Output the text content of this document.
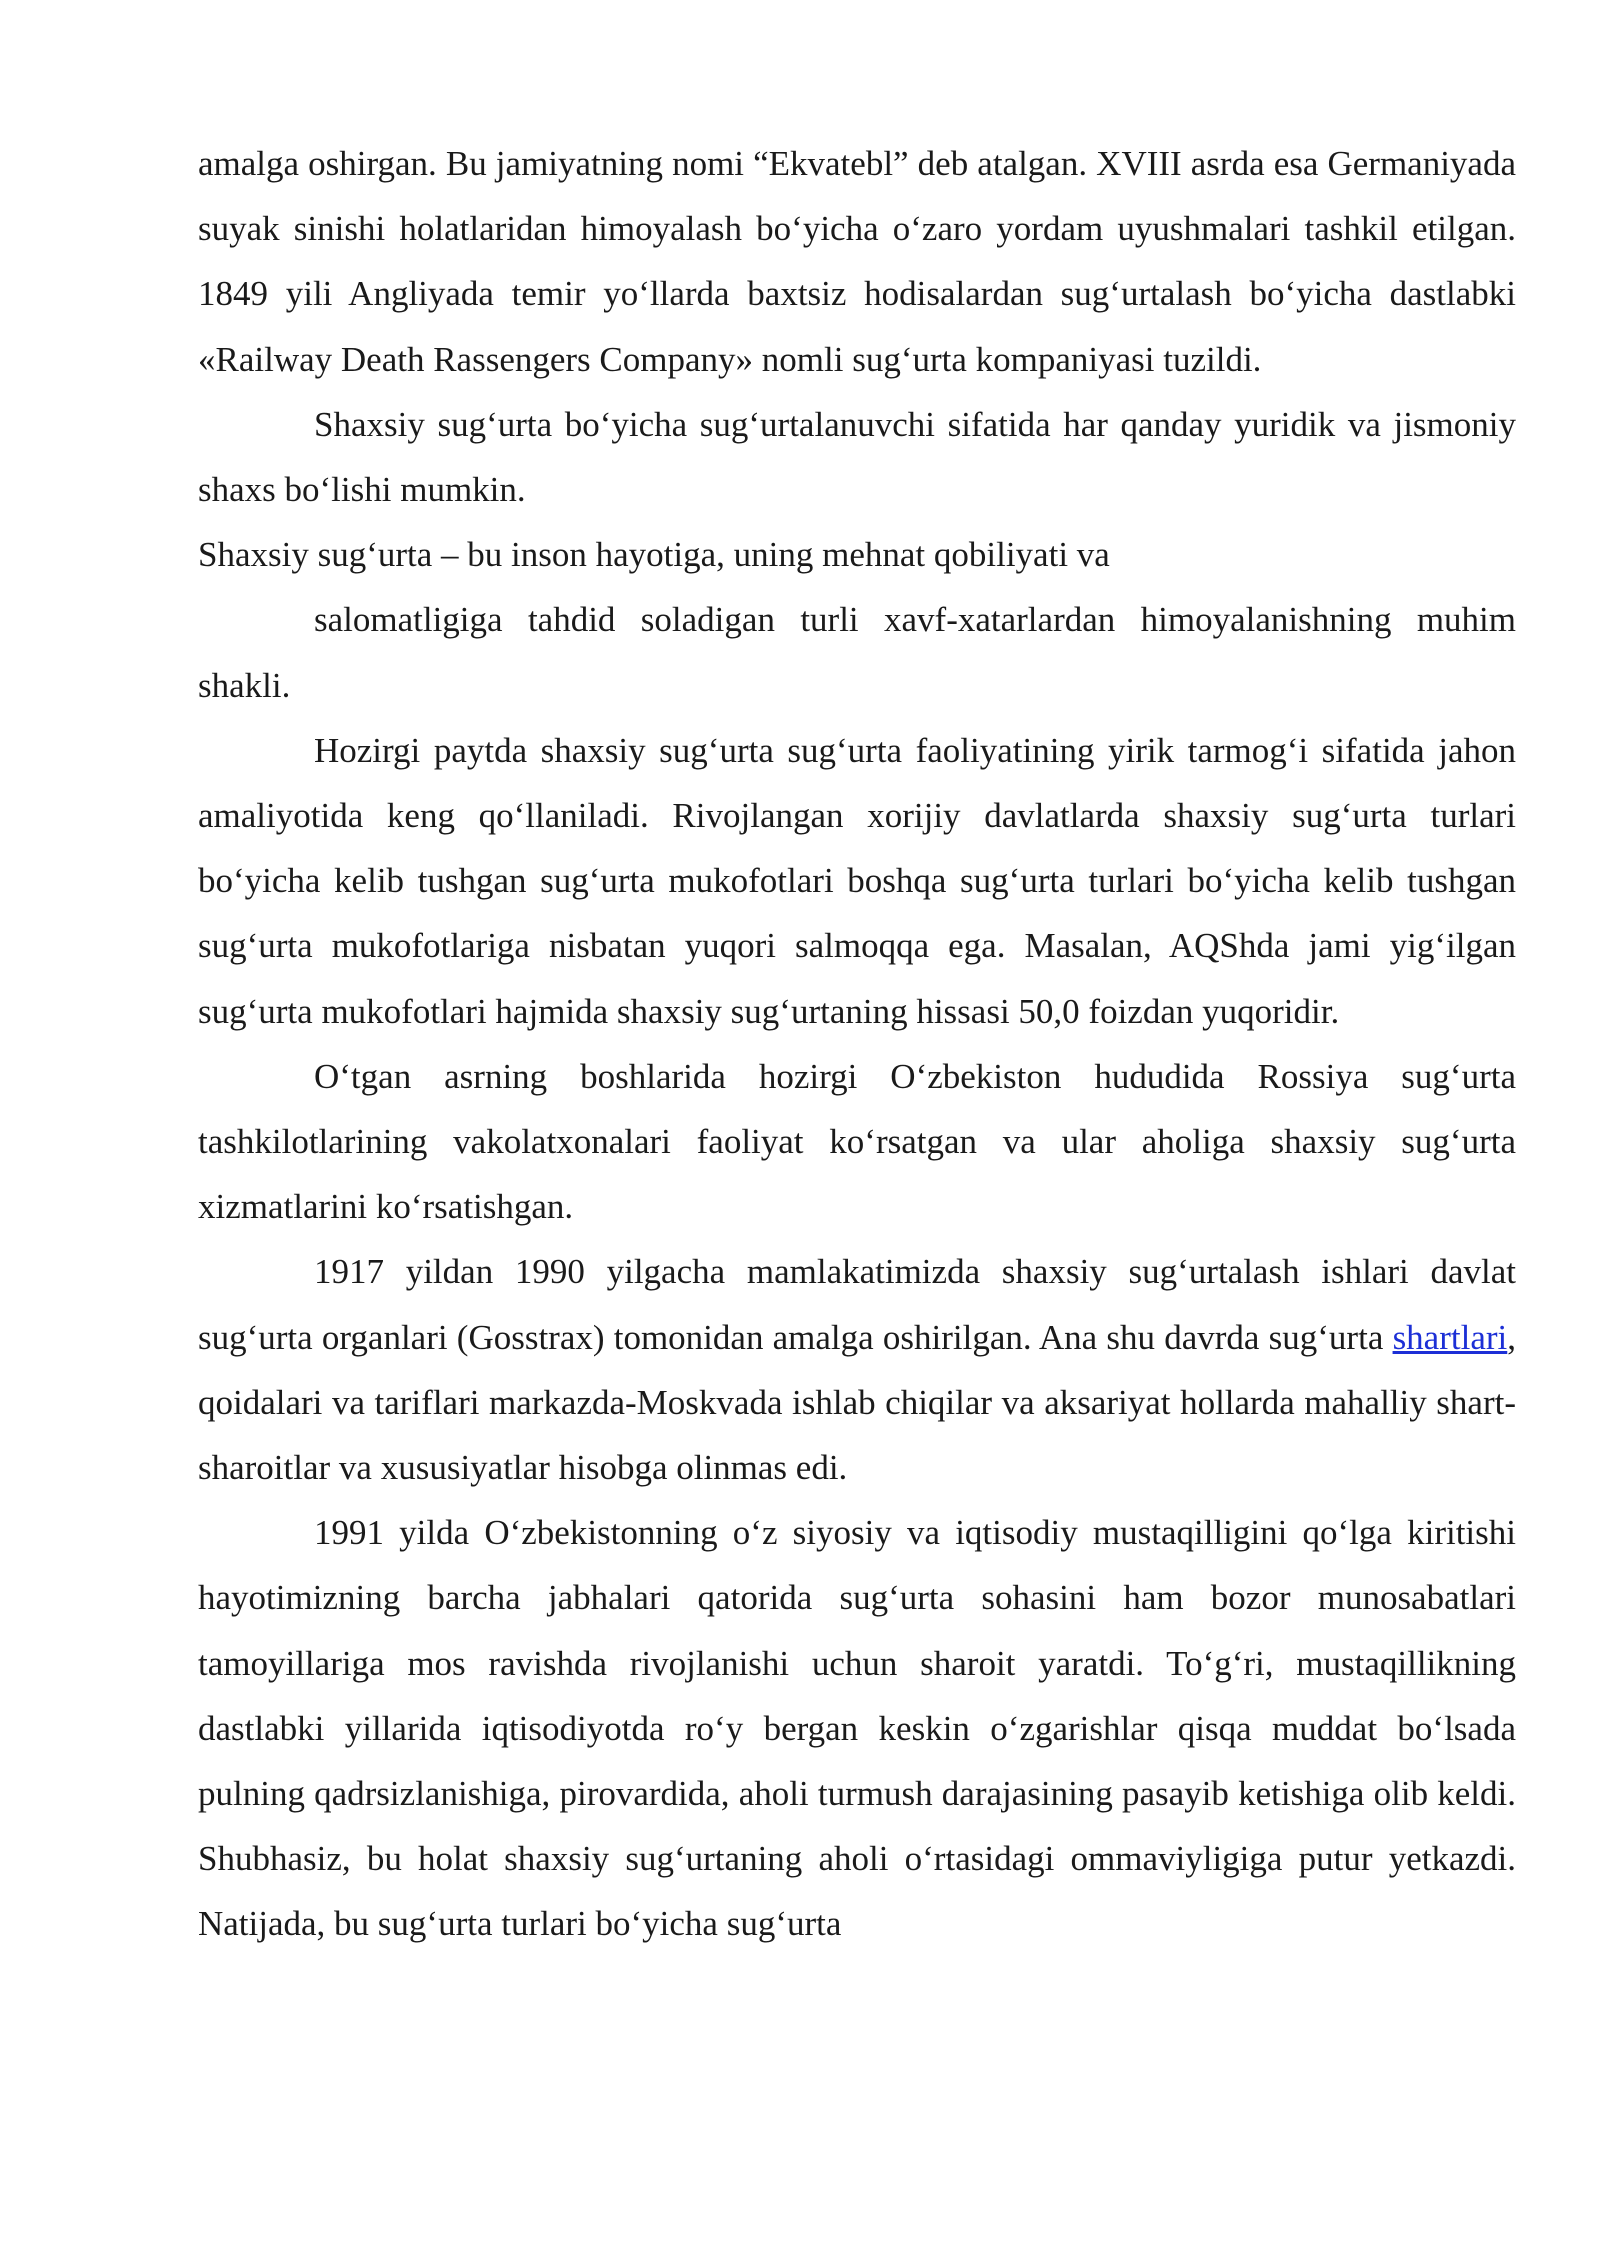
amalga oshirgan. Bu jamiyatning nomi “Ekvatebl” deb atalgan. XVIII asrda esa Germaniyada suyak sinishi holatlaridan himoyalash bo‘yicha o‘zaro yordam uyushmalari tashkil etilgan. 1849 yili Angliyada temir yo‘llarda baxtsiz hodisalardan sug‘urtalash bo‘yicha dastlabki «Railway Death Rassengers Company» nomli sug‘urta kompaniyasi tuzildi.

Shaxsiy sug‘urta bo‘yicha sug‘urtalanuvchi sifatida har qanday yuridik va jismoniy shaxs bo‘lishi mumkin.

Shaxsiy sug‘urta – bu inson hayotiga, uning mehnat qobiliyati va

salomatligiga tahdid soladigan turli xavf-xatarlardan himoyalanishning muhim shakli.

Hozirgi paytda shaxsiy sug‘urta sug‘urta faoliyatining yirik tarmog‘i sifatida jahon amaliyotida keng qo‘llaniladi. Rivojlangan xorijiy davlatlarda shaxsiy sug‘urta turlari bo‘yicha kelib tushgan sug‘urta mukofotlari boshqa sug‘urta turlari bo‘yicha kelib tushgan sug‘urta mukofotlariga nisbatan yuqori salmoqqa ega. Masalan, AQShda jami yig‘ilgan sug‘urta mukofotlari hajmida shaxsiy sug‘urtaning hissasi 50,0 foizdan yuqoridir.

O‘tgan asrning boshlarida hozirgi O‘zbekiston hududida Rossiya sug‘urta tashkilotlarining vakolatxonalari faoliyat ko‘rsatgan va ular aholiga shaxsiy sug‘urta xizmatlarini ko‘rsatishgan.

1917 yildan 1990 yilgacha mamlakatimizda shaxsiy sug‘urtalash ishlari davlat sug‘urta organlari (Gosstrax) tomonidan amalga oshirilgan. Ana shu davrda sug‘urta shartlari, qoidalari va tariflari markazda-Moskvada ishlab chiqilar va aksariyat hollarda mahalliy shart-sharoitlar va xususiyatlar hisobga olinmas edi.

1991 yilda O‘zbekistonning o‘z siyosiy va iqtisodiy mustaqilligini qo‘lga kiritishi hayotimizning barcha jabhalari qatorida sug‘urta sohasini ham bozor munosabatlari tamoyillariga mos ravishda rivojlanishi uchun sharoit yaratdi. To‘g‘ri, mustaqillikning dastlabki yillarida iqtisodiyotda ro‘y bergan keskin o‘zgarishlar qisqa muddat bo‘lsada pulning qadrsizlanishiga, pirovardida, aholi turmush darajasining pasayib ketishiga olib keldi. Shubhasiz, bu holat shaxsiy sug‘urtaning aholi o‘rtasidagi ommaviyligiga putur yetkazdi. Natijada, bu sug‘urta turlari bo‘yicha sug‘urta
